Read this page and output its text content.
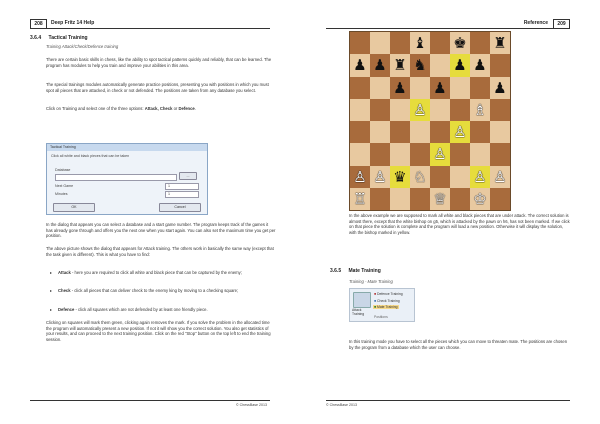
208	Deep Fritz 14 Help
3.6.4 Tactical Training
Training Attack/Check/Defence training

There are certain basic skills in chess, like the ability to spot tactical patterns quickly and reliably, that can be learned. The program has modules to help you train and improve your abilities in this area.

The special trainings modules automatically generate practice positions, presenting you with positions in which you must spot all pieces that are attacked, in check or not defended. The positions are taken from any database you select.

Click on Training and select one of the three options: Attack, Check or Defence.

Tactical Training
Click all white and black pieces that can be taken
Database
...
Next Game	1
Minutes	1
OK	Cancel

In the dialog that appears you can select a database and a start game number. The program keeps track of the games it has already gone through and offers you the next one when you start again. You can also set the maximum time you get per position.

The above picture shows the dialog that appears for Attack training. The others work in basically the same way (except that the task given is different). This is what you have to find:

▸	Attack - here you are required to click all white and black piece that can be captured by the enemy;

▸	Check - click all pieces that can deliver check to the enemy king by moving to a checking square;

▸	Defence - click all squares which are not defended by at least one friendly piece.

Clicking on squares will mark them green, clicking again removes the mark. If you solve the problem in the allocated time the program will automatically present a new position. If not it will show you the correct solution. You also get statistics of your results, and can proceed to the next training position. Click on the red "Stop" button on the top left to end the training session.

© ChessBase 2013
Reference	209

In the above example we are supposed to mark all white and black pieces that are under attack. The correct solution is almost there, except that the white bishop on g5, which is attacked by the pawn on h6, has not been marked. If we click on that piece the solution is complete and the program will load a new position. Otherwise it will display the solution, with the bishop marked in yellow.

3.6.5 Mate Training
Training - Mate Training

In this training mode you have to select all the pieces which you can move to threaten mate. The positions are chosen by the program from a database which the user can choose.

© ChessBase 2013
Attack Training
■ Defence Training
■ Check Training
■ Mate Training
Positions
♝ ♚ ♜
♟ ♟ ♜ ♞ ♟ ♟
♟ ♟	♟
♙	♗
♙
♙
♙ ♙ ♛ ♘	♙ ♙
♖	♕ ♔
